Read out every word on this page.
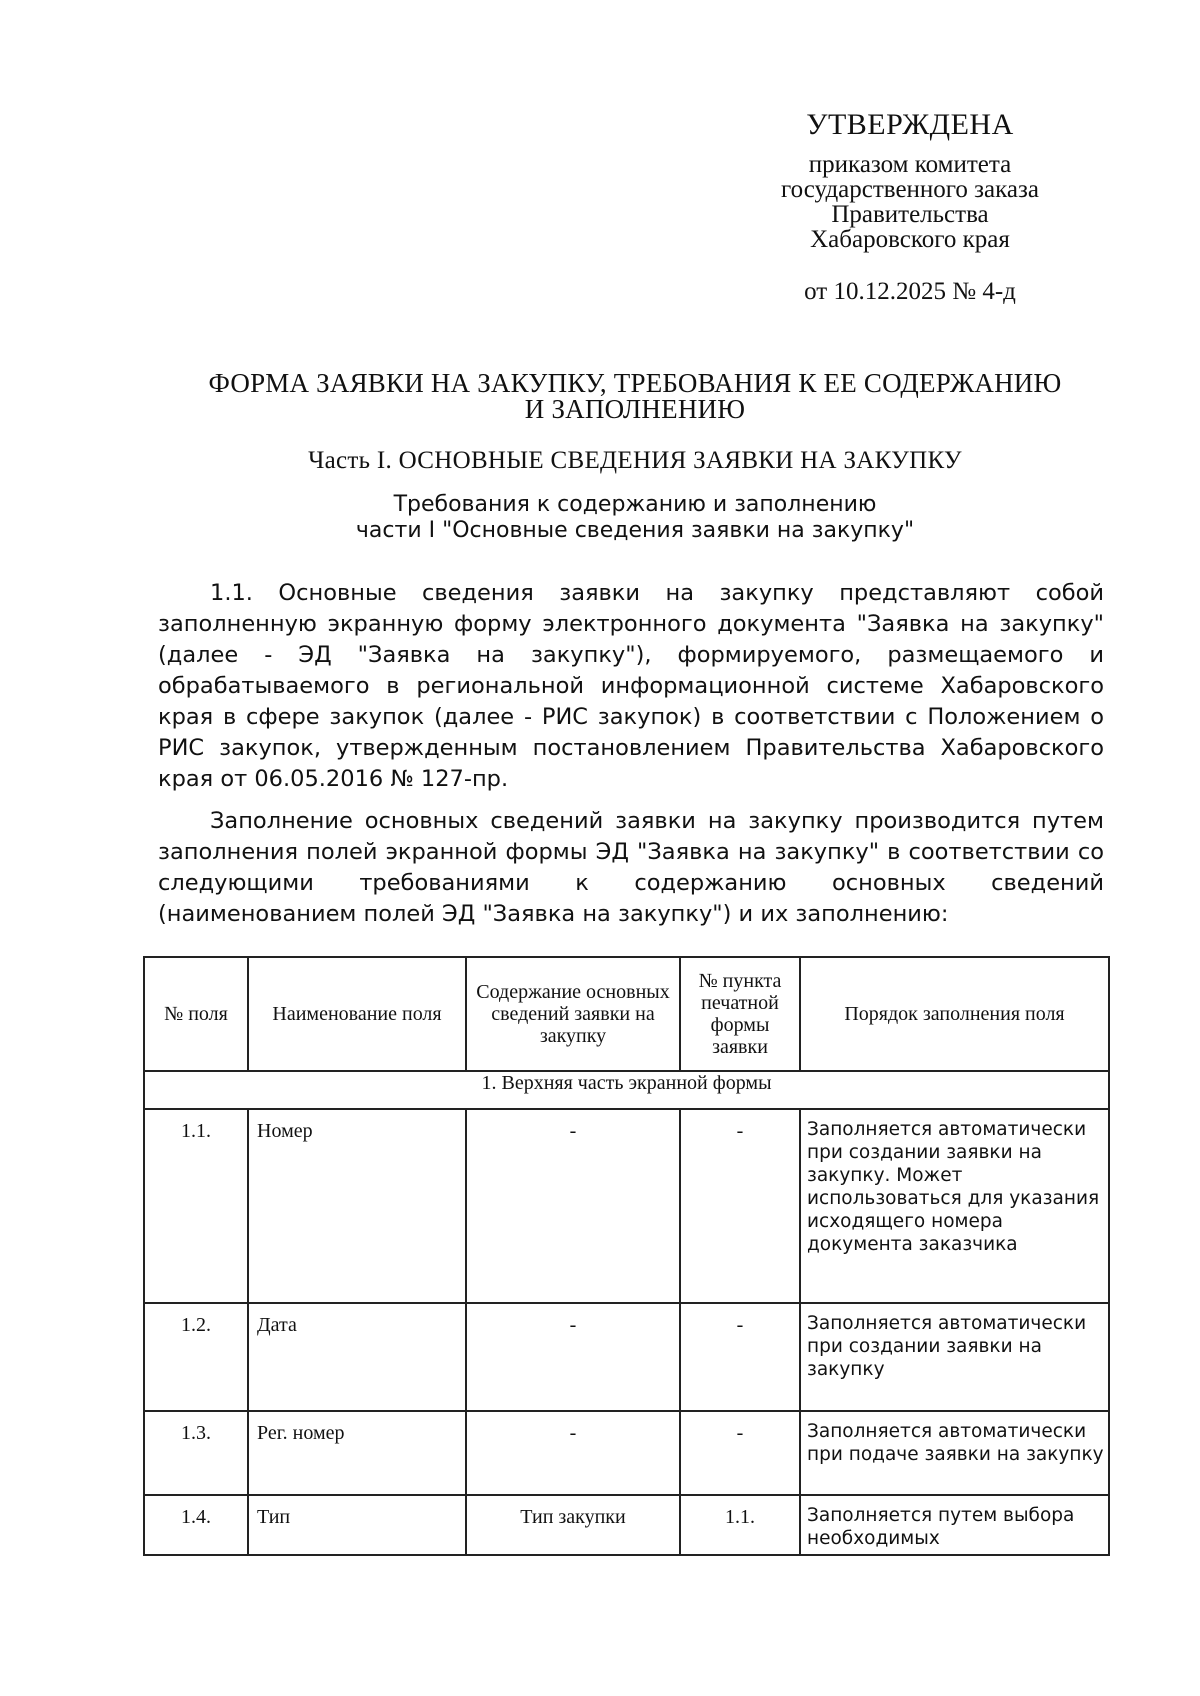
УТВЕРЖДЕНА
приказом комитета
государственного заказа
Правительства
Хабаровского края
от 10.12.2025 № 4-д
ФОРМА ЗАЯВКИ НА ЗАКУПКУ, ТРЕБОВАНИЯ К ЕЕ СОДЕРЖАНИЮ
И ЗАПОЛНЕНИЮ
Часть I. ОСНОВНЫЕ СВЕДЕНИЯ ЗАЯВКИ НА ЗАКУПКУ
Требования к содержанию и заполнению
части I "Основные сведения заявки на закупку"

1.1. Основные сведения заявки на закупку представляют собой заполненную экранную форму электронного документа "Заявка на закупку" (далее - ЭД "Заявка на закупку"), формируемого, размещаемого и обрабатываемого в региональной информационной системе Хабаровского края в сфере закупок (далее - РИС закупок) в соответствии с Положением о РИС закупок, утвержденным постановлением Правительства Хабаровского края от 06.05.2016 № 127-пр.

Заполнение основных сведений заявки на закупку производится путем заполнения полей экранной формы ЭД "Заявка на закупку" в соответствии со следующими требованиями к содержанию основных сведений (наименованием полей ЭД "Заявка на закупку") и их заполнению:

№ поля	Наименование поля	Содержание основных сведений заявки на закупку	№ пункта печатной формы заявки	Порядок заполнения поля
1. Верхняя часть экранной формы				
1.1.	Номер	-	-	Заполняется автоматически при создании заявки на закупку. Может использоваться для указания исходящего номера документа заказчика
1.2.	Дата	-	-	Заполняется автоматически при создании заявки на закупку
1.3.	Рег. номер	-	-	Заполняется автоматически при подаче заявки на закупку
1.4.	Тип	Тип закупки	1.1.	Заполняется путем выбора необходимых
